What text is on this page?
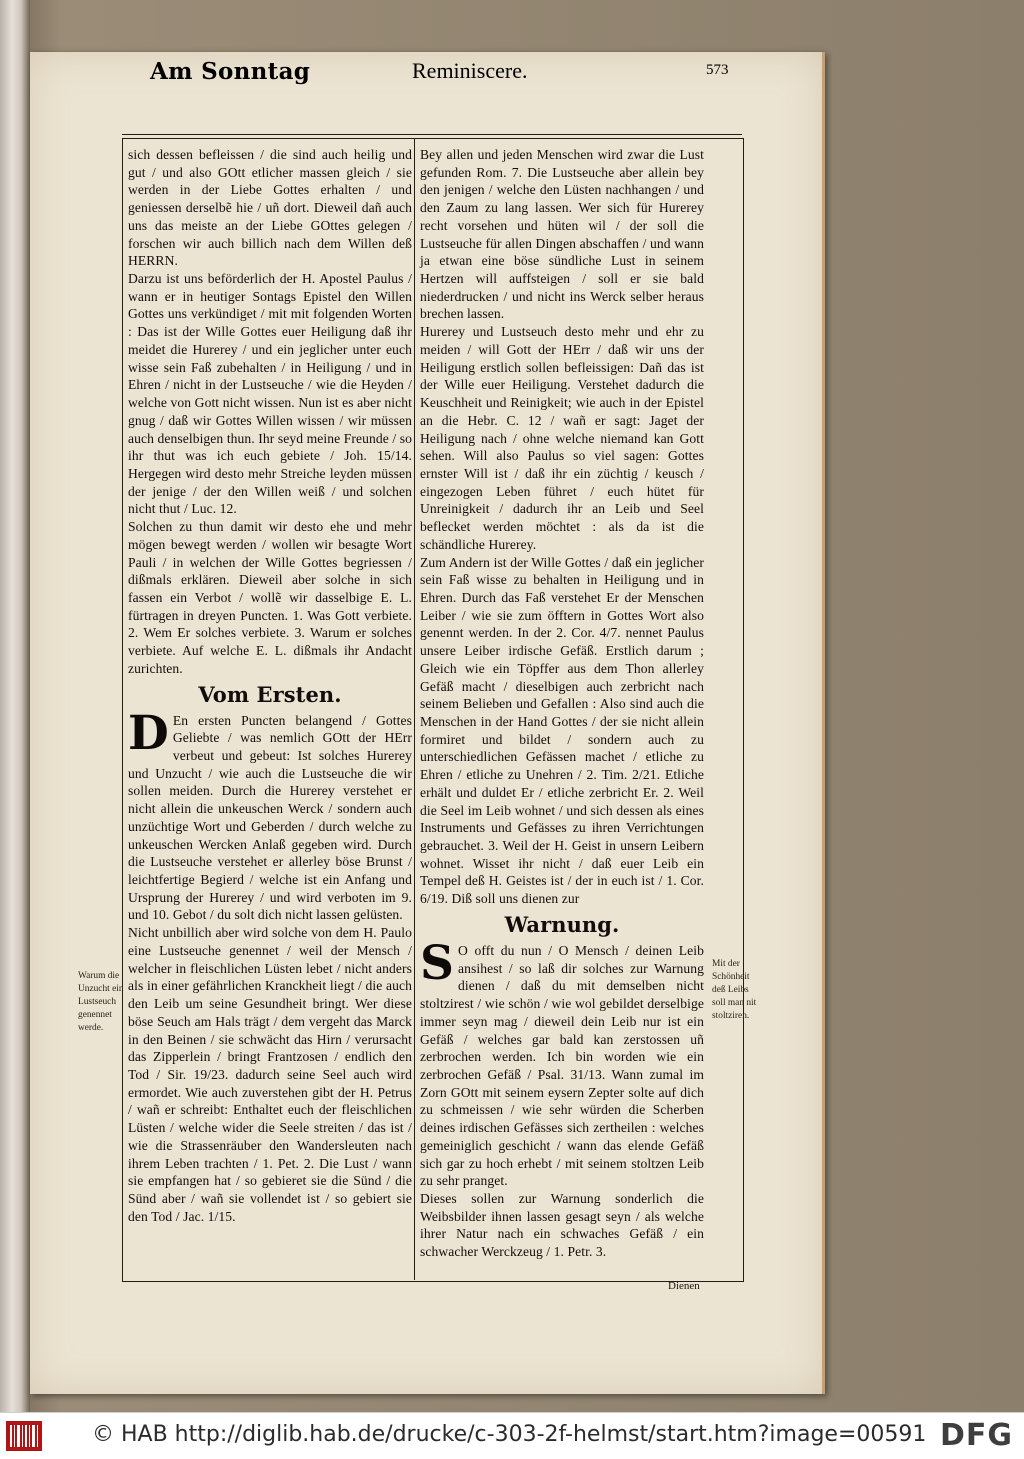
Am Sonntag	Reminiscere.	573

sich dessen befleissen / die sind auch heilig und gut / und also GOtt etlicher massen gleich / sie werden in der Liebe Gottes erhalten / und geniessen derselbẽ hie / uñ dort. Dieweil dañ auch uns das meiste an der Liebe GOttes gelegen / forschen wir auch billich nach dem Willen deß HERRN.

Darzu ist uns beförderlich der H. Apostel Paulus / wann er in heutiger Sontags Epistel den Willen Gottes uns verkündiget / mit mit folgenden Worten : Das ist der Wille Gottes euer Heiligung daß ihr meidet die Hurerey / und ein jeglicher unter euch wisse sein Faß zubehalten / in Heiligung / und in Ehren / nicht in der Lustseuche / wie die Heyden / welche von Gott nicht wissen. Nun ist es aber nicht gnug / daß wir Gottes Willen wissen / wir müssen auch denselbigen thun. Ihr seyd meine Freunde / so ihr thut was ich euch gebiete / Joh. 15/14. Hergegen wird desto mehr Streiche leyden müssen der jenige / der den Willen weiß / und solchen nicht thut / Luc. 12.

Solchen zu thun damit wir desto ehe und mehr mögen bewegt werden / wollen wir besagte Wort Pauli / in welchen der Wille Gottes begriessen / dißmals erklären. Dieweil aber solche in sich fassen ein Verbot / wollẽ wir dasselbige E. L. fürtragen in dreyen Puncten. 1. Was Gott verbiete. 2. Wem Er solches verbiete. 3. Warum er solches verbiete. Auf welche E. L. dißmals ihr Andacht zurichten.

Vom Ersten.

D En ersten Puncten belangend / Gottes Geliebte / was nemlich GOtt der HErr verbeut und gebeut: Ist solches Hurerey und Unzucht / wie auch die Lustseuche die wir sollen meiden. Durch die Hurerey verstehet er nicht allein die unkeuschen Werck / sondern auch unzüchtige Wort und Geberden / durch welche zu unkeuschen Wercken Anlaß gegeben wird. Durch die Lustseuche verstehet er allerley böse Brunst / leichtfertige Begierd / welche ist ein Anfang und Ursprung der Hurerey / und wird verboten im 9. und 10. Gebot / du solt dich nicht lassen gelüsten.

Nicht unbillich aber wird solche von dem H. Paulo eine Lustseuche genennet / weil der Mensch / welcher in fleischlichen Lüsten lebet / nicht anders als in einer gefährlichen Kranckheit liegt / die auch den Leib um seine Gesundheit bringt. Wer diese böse Seuch am Hals trägt / dem vergeht das Marck in den Beinen / sie schwächt das Hirn / verursacht das Zipperlein / bringt Frantzosen / endlich den Tod / Sir. 19/23. dadurch seine Seel auch wird ermordet. Wie auch zuverstehen gibt der H. Petrus / wañ er schreibt: Enthaltet euch der fleischlichen Lüsten / welche wider die Seele streiten / das ist / wie die Strassenräuber den Wandersleuten nach ihrem Leben trachten / 1. Pet. 2. Die Lust / wann sie empfangen hat / so gebieret sie die Sünd / die Sünd aber / wañ sie vollendet ist / so gebiert sie den Tod / Jac. 1/15.

Bey allen und jeden Menschen wird zwar die Lust gefunden Rom. 7. Die Lustseuche aber allein bey den jenigen / welche den Lüsten nachhangen / und den Zaum zu lang lassen. Wer sich für Hurerey recht vorsehen und hüten wil / der soll die Lustseuche für allen Dingen abschaffen / und wann ja etwan eine böse sündliche Lust in seinem Hertzen will auffsteigen / soll er sie bald niederdrucken / und nicht ins Werck selber heraus brechen lassen.

Hurerey und Lustseuch desto mehr und ehr zu meiden / will Gott der HErr / daß wir uns der Heiligung erstlich sollen befleissigen: Dañ das ist der Wille euer Heiligung. Verstehet dadurch die Keuschheit und Reinigkeit; wie auch in der Epistel an die Hebr. C. 12 / wañ er sagt: Jaget der Heiligung nach / ohne welche niemand kan Gott sehen. Will also Paulus so viel sagen: Gottes ernster Will ist / daß ihr ein züchtig / keusch / eingezogen Leben führet / euch hütet für Unreinigkeit / dadurch ihr an Leib und Seel beflecket werden möchtet : als da ist die schändliche Hurerey.

Zum Andern ist der Wille Gottes / daß ein jeglicher sein Faß wisse zu behalten in Heiligung und in Ehren. Durch das Faß verstehet Er der Menschen Leiber / wie sie zum öfftern in Gottes Wort also genennt werden. In der 2. Cor. 4/7. nennet Paulus unsere Leiber irdische Gefäß. Erstlich darum ; Gleich wie ein Töpffer aus dem Thon allerley Gefäß macht / dieselbigen auch zerbricht nach seinem Belieben und Gefallen : Also sind auch die Menschen in der Hand Gottes / der sie nicht allein formiret und bildet / sondern auch zu unterschiedlichen Gefässen machet / etliche zu Ehren / etliche zu Unehren / 2. Tim. 2/21. Etliche erhält und duldet Er / etliche zerbricht Er. 2. Weil die Seel im Leib wohnet / und sich dessen als eines Instruments und Gefässes zu ihren Verrichtungen gebrauchet. 3. Weil der H. Geist in unsern Leibern wohnet. Wisset ihr nicht / daß euer Leib ein Tempel deß H. Geistes ist / der in euch ist / 1. Cor. 6/19. Diß soll uns dienen zur

Warnung.

S O offt du nun / O Mensch / deinen Leib ansihest / so laß dir solches zur Warnung dienen / daß du mit demselben nicht stoltzirest / wie schön / wie wol gebildet derselbige immer seyn mag / dieweil dein Leib nur ist ein Gefäß / welches gar bald kan zerstossen uñ zerbrochen werden. Ich bin worden wie ein zerbrochen Gefäß / Psal. 31/13. Wann zumal im Zorn GOtt mit seinem eysern Zepter solte auf dich zu schmeissen / wie sehr würden die Scherben deines irdischen Gefässes sich zertheilen : welches gemeiniglich geschicht / wann das elende Gefäß sich gar zu hoch erhebt / mit seinem stoltzen Leib zu sehr pranget.

Dieses sollen zur Warnung sonderlich die Weibsbilder ihnen lassen gesagt seyn / als welche ihrer Natur nach ein schwaches Gefäß / ein schwacher Werckzeug / 1. Petr. 3.

Warum die Unzucht ein Lustseuch genennet werde.
Mit der Schönheit deß Leibs soll man nit stoltziren.
Dienen
© HAB http://diglib.hab.de/drucke/c-303-2f-helmst/start.htm?image=00591 DFG
